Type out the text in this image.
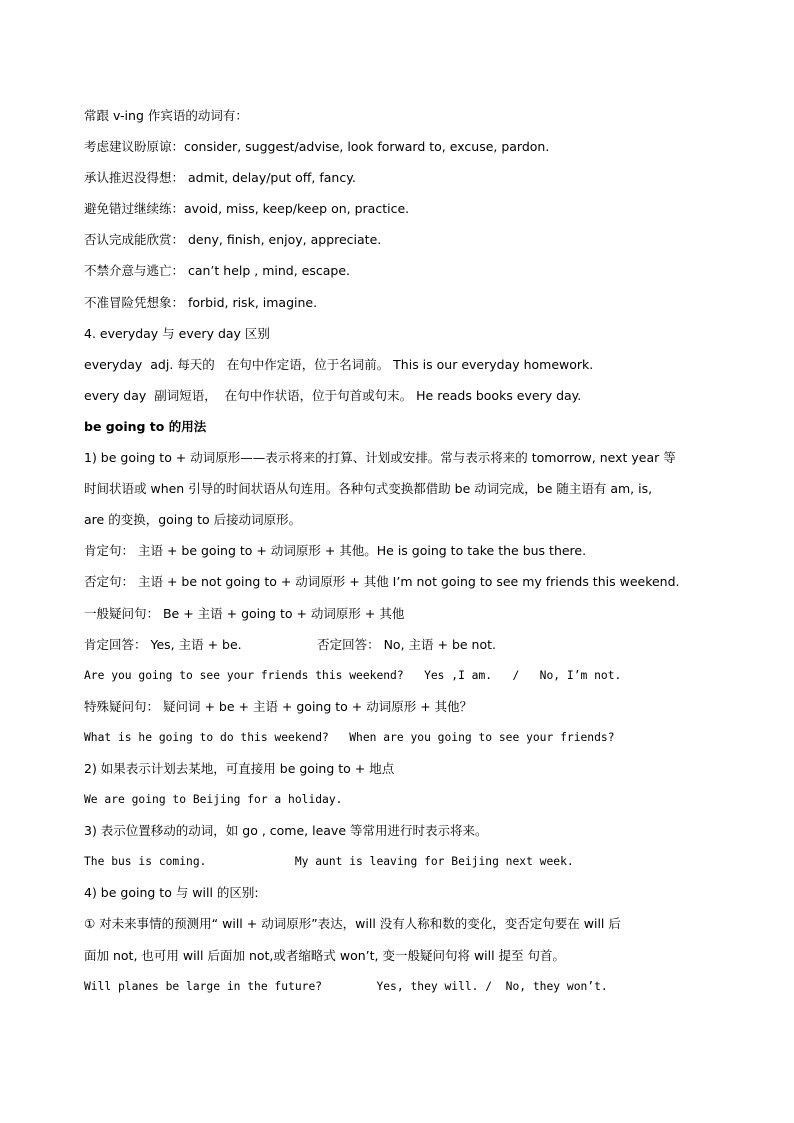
常跟 v-ing 作宾语的动词有：
考虑建议盼原谅：consider, suggest/advise, look forward to, excuse, pardon.
承认推迟没得想： admit, delay/put off, fancy.
避免错过继续练：avoid, miss, keep/keep on, practice.
否认完成能欣赏： deny, finish, enjoy, appreciate.
不禁介意与逃亡： can’t help , mind, escape.
不准冒险凭想象： forbid, risk, imagine.
4. everyday 与 every day 区别
everyday  adj. 每天的   在句中作定语，位于名词前。 This is our everyday homework.
every day  副词短语，  在句中作状语，位于句首或句末。 He reads books every day.
be going to 的用法
1) be going to + 动词原形——表示将来的打算、计划或安排。常与表示将来的 tomorrow, next year 等
时间状语或 when 引导的时间状语从句连用。各种句式变换都借助 be 动词完成，be 随主语有 am, is,
are 的变换，going to 后接动词原形。
肯定句： 主语 + be going to + 动词原形 + 其他。He is going to take the bus there.
否定句： 主语 + be not going to + 动词原形 + 其他 I’m not going to see my friends this weekend.
一般疑问句： Be + 主语 + going to + 动词原形 + 其他
肯定回答： Yes, 主语 + be.                   否定回答： No, 主语 + be not.
Are you going to see your friends this weekend?   Yes ,I am.   /   No, I’m not.
特殊疑问句： 疑问词 + be + 主语 + going to + 动词原形 + 其他？
What is he going to do this weekend?   When are you going to see your friends?
2) 如果表示计划去某地，可直接用 be going to + 地点
We are going to Beijing for a holiday.
3) 表示位置移动的动词，如 go , come, leave 等常用进行时表示将来。
The bus is coming.             My aunt is leaving for Beijing next week.
4) be going to 与 will 的区别:
① 对未来事情的预测用“ will + 动词原形”表达，will 没有人称和数的变化，变否定句要在 will 后
面加 not, 也可用 will 后面加 not,或者缩略式 won’t, 变一般疑问句将 will 提至 句首。
Will planes be large in the future?        Yes, they will. /  No, they won’t.
